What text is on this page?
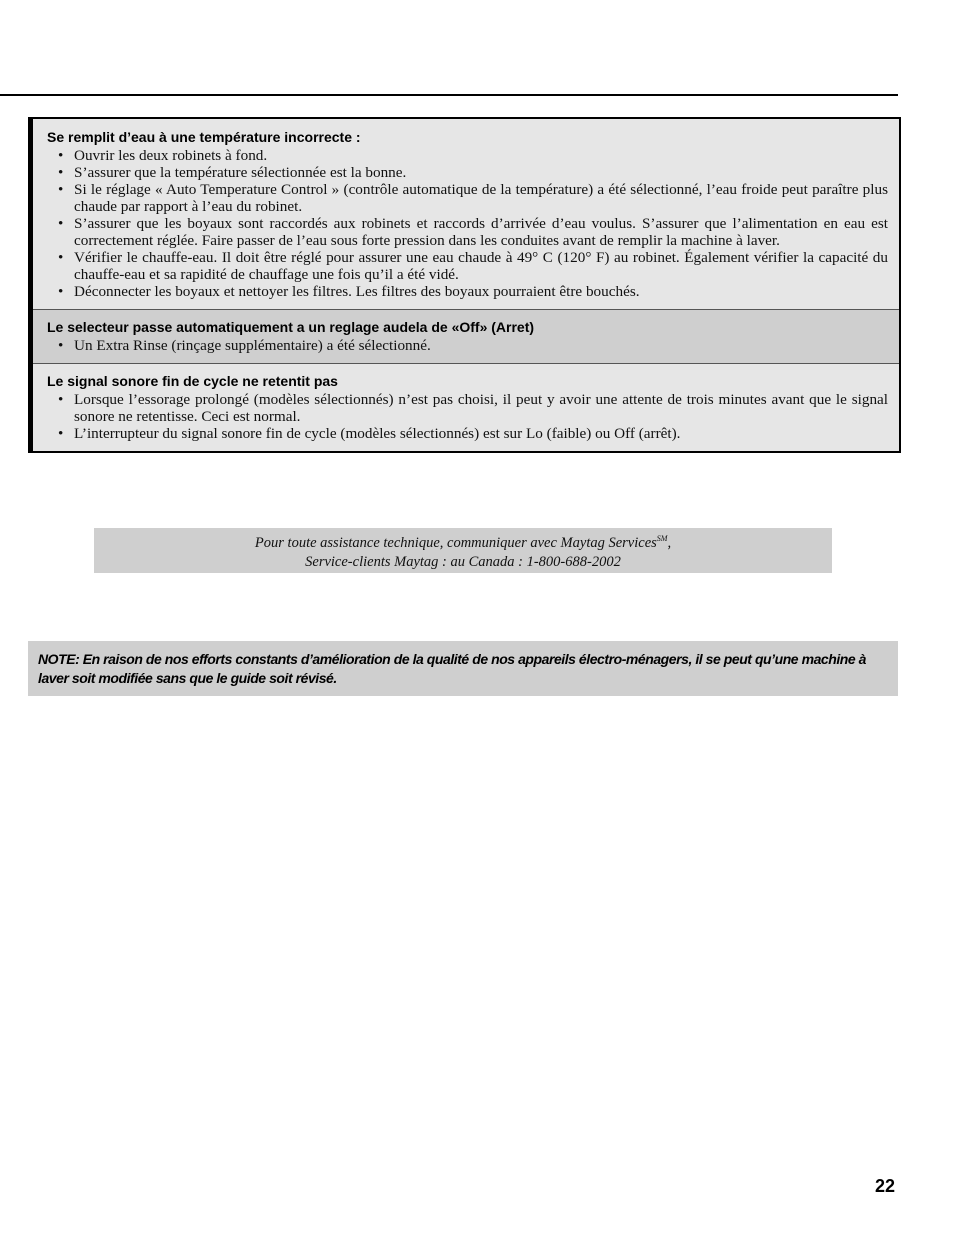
Se remplit d’eau à une température incorrecte :
• Ouvrir les deux robinets à fond.
• S’assurer que la température sélectionnée est la bonne.
• Si le réglage « Auto Temperature Control » (contrôle automatique de la température) a été sélectionné, l’eau froide peut paraître plus chaude par rapport à l’eau du robinet.
• S’assurer que les boyaux sont raccordés aux robinets et raccords d’arrivée d’eau voulus. S’assurer que l’alimentation en eau est correctement réglée. Faire passer de l’eau sous forte pression dans les conduites avant de remplir la machine à laver.
• Vérifier le chauffe-eau. Il doit être réglé pour assurer une eau chaude à 49° C (120° F) au robinet. Également vérifier la capacité du chauffe-eau et sa rapidité de chauffage une fois qu’il a été vidé.
• Déconnecter les boyaux et nettoyer les filtres. Les filtres des boyaux pourraient être bouchés.
Le selecteur passe automatiquement a un reglage audela de «Off» (Arret)
• Un Extra Rinse (rinçage supplémentaire) a été sélectionné.
Le signal sonore fin de cycle ne retentit pas
• Lorsque l’essorage prolongé (modèles sélectionnés) n’est pas choisi, il peut y avoir une attente de trois minutes avant que le signal sonore ne retentisse. Ceci est normal.
• L’interrupteur du signal sonore fin de cycle (modèles sélectionnés) est sur Lo (faible) ou Off (arrêt).
Pour toute assistance technique, communiquer avec Maytag Services℠,
Service-clients Maytag : au Canada : 1-800-688-2002
NOTE: En raison de nos efforts constants d’amélioration de la qualité de nos appareils électro-ménagers, il se peut qu’une machine à laver soit modifiée sans que le guide soit révisé.
22
